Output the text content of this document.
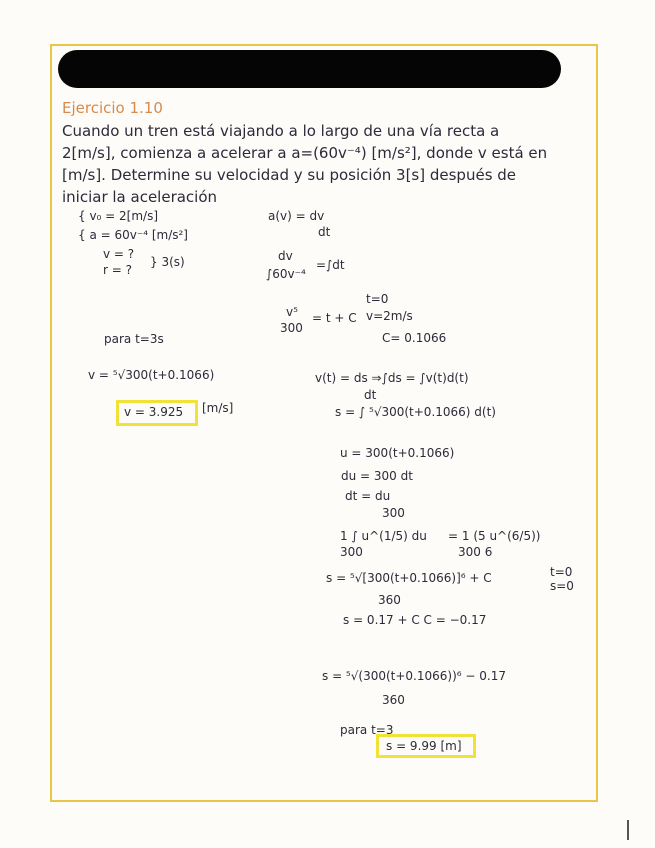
Ejercicio 1.10
Cuando un tren está viajando a lo largo de una vía recta a
2[m/s], comienza a acelerar a a=(60v⁻⁴) [m/s²], donde v está en
[m/s]. Determine su velocidad y su posición 3[s] después de
iniciar la aceleración
{ v₀ = 2[m/s]
{ a = 60v⁻⁴ [m/s²]
v = ?
r = ?
} 3(s)
para t=3s
v = ⁵√300(t+0.1066)
v = 3.925 [m/s]
a(v) = dv
dt
dv
∫60v⁻⁴
=∫dt
v⁵
300
= t + C
t=0
v=2m/s
C= 0.1066
v(t) = ds ⇒∫ds = ∫v(t)d(t)
dt
s = ∫ ⁵√300(t+0.1066) d(t)
u = 300(t+0.1066)
du = 300 dt
dt = du
300
1 ∫ u^(1/5) du
300
= 1 (5 u^(6/5))
300 6
s = ⁵√[300(t+0.1066)]⁶ + C
360
t=0
s=0
s = 0.17 + C C = −0.17
s = ⁵√(300(t+0.1066))⁶ − 0.17
360
para t=3
s = 9.99 [m]
